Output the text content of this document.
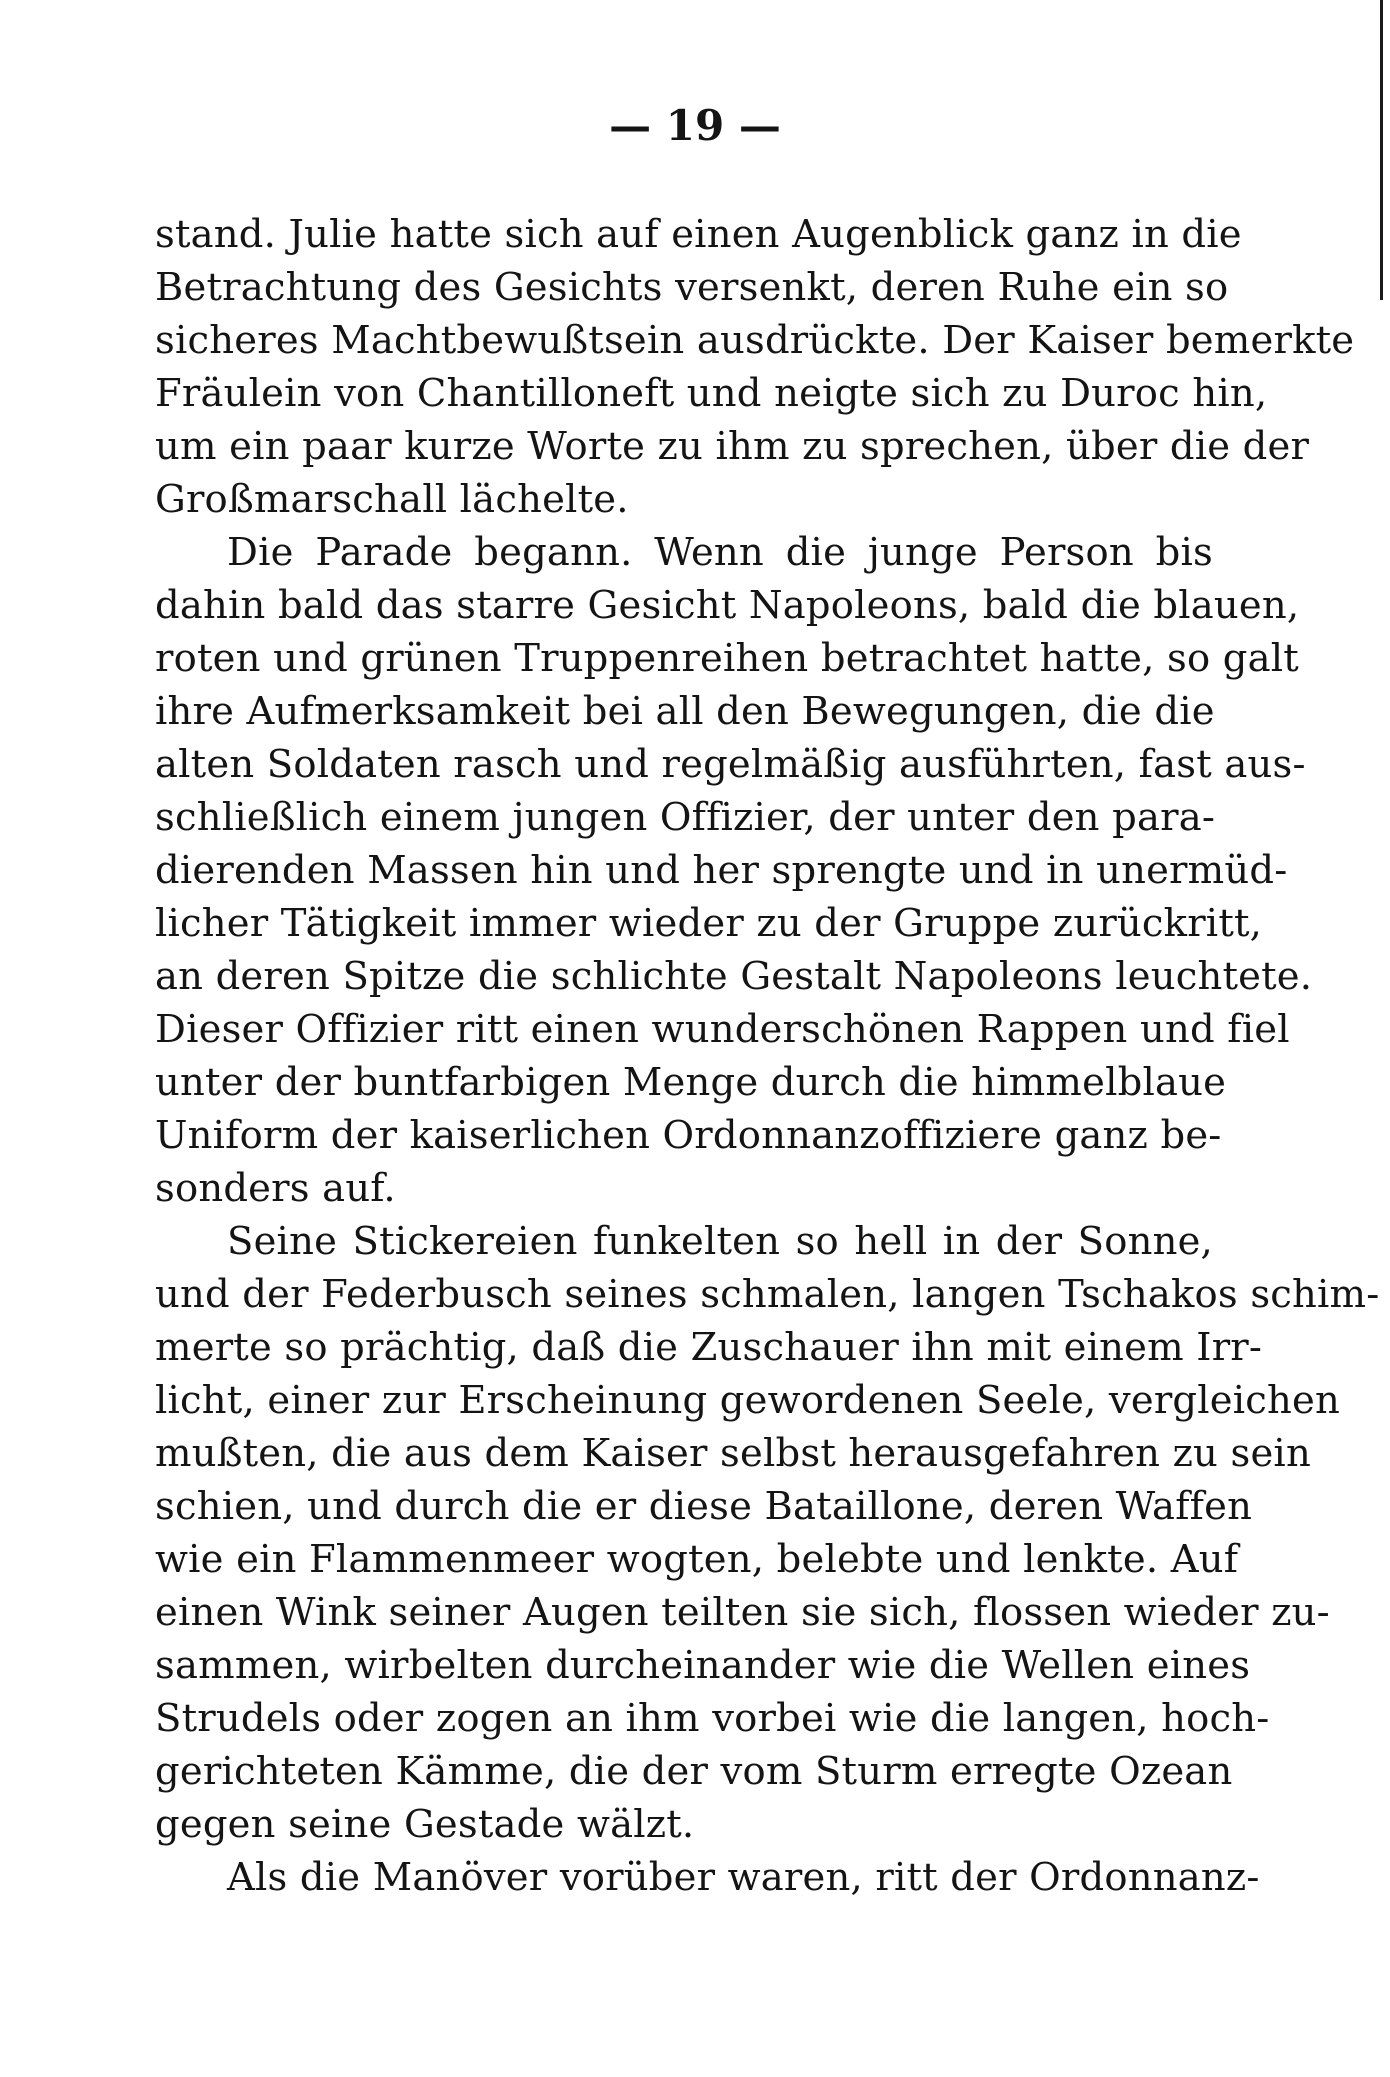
— 19 —
stand. Julie hatte sich auf einen Augenblick ganz in die
Betrachtung des Gesichts versenkt, deren Ruhe ein so
sicheres Machtbewußtsein ausdrückte. Der Kaiser bemerkte
Fräulein von Chantilloneft und neigte sich zu Duroc hin,
um ein paar kurze Worte zu ihm zu sprechen, über die der
Großmarschall lächelte.
Die Parade begann. Wenn die junge Person bis
dahin bald das starre Gesicht Napoleons, bald die blauen,
roten und grünen Truppenreihen betrachtet hatte, so galt
ihre Aufmerksamkeit bei all den Bewegungen, die die
alten Soldaten rasch und regelmäßig ausführten, fast aus-
schließlich einem jungen Offizier, der unter den para-
dierenden Massen hin und her sprengte und in unermüd-
licher Tätigkeit immer wieder zu der Gruppe zurückritt,
an deren Spitze die schlichte Gestalt Napoleons leuchtete.
Dieser Offizier ritt einen wunderschönen Rappen und fiel
unter der buntfarbigen Menge durch die himmelblaue
Uniform der kaiserlichen Ordonnanzoffiziere ganz be-
sonders auf.
Seine Stickereien funkelten so hell in der Sonne,
und der Federbusch seines schmalen, langen Tschakos schim-
merte so prächtig, daß die Zuschauer ihn mit einem Irr-
licht, einer zur Erscheinung gewordenen Seele, vergleichen
mußten, die aus dem Kaiser selbst herausgefahren zu sein
schien, und durch die er diese Bataillone, deren Waffen
wie ein Flammenmeer wogten, belebte und lenkte. Auf
einen Wink seiner Augen teilten sie sich, flossen wieder zu-
sammen, wirbelten durcheinander wie die Wellen eines
Strudels oder zogen an ihm vorbei wie die langen, hoch-
gerichteten Kämme, die der vom Sturm erregte Ozean
gegen seine Gestade wälzt.
Als die Manöver vorüber waren, ritt der Ordonnanz-
